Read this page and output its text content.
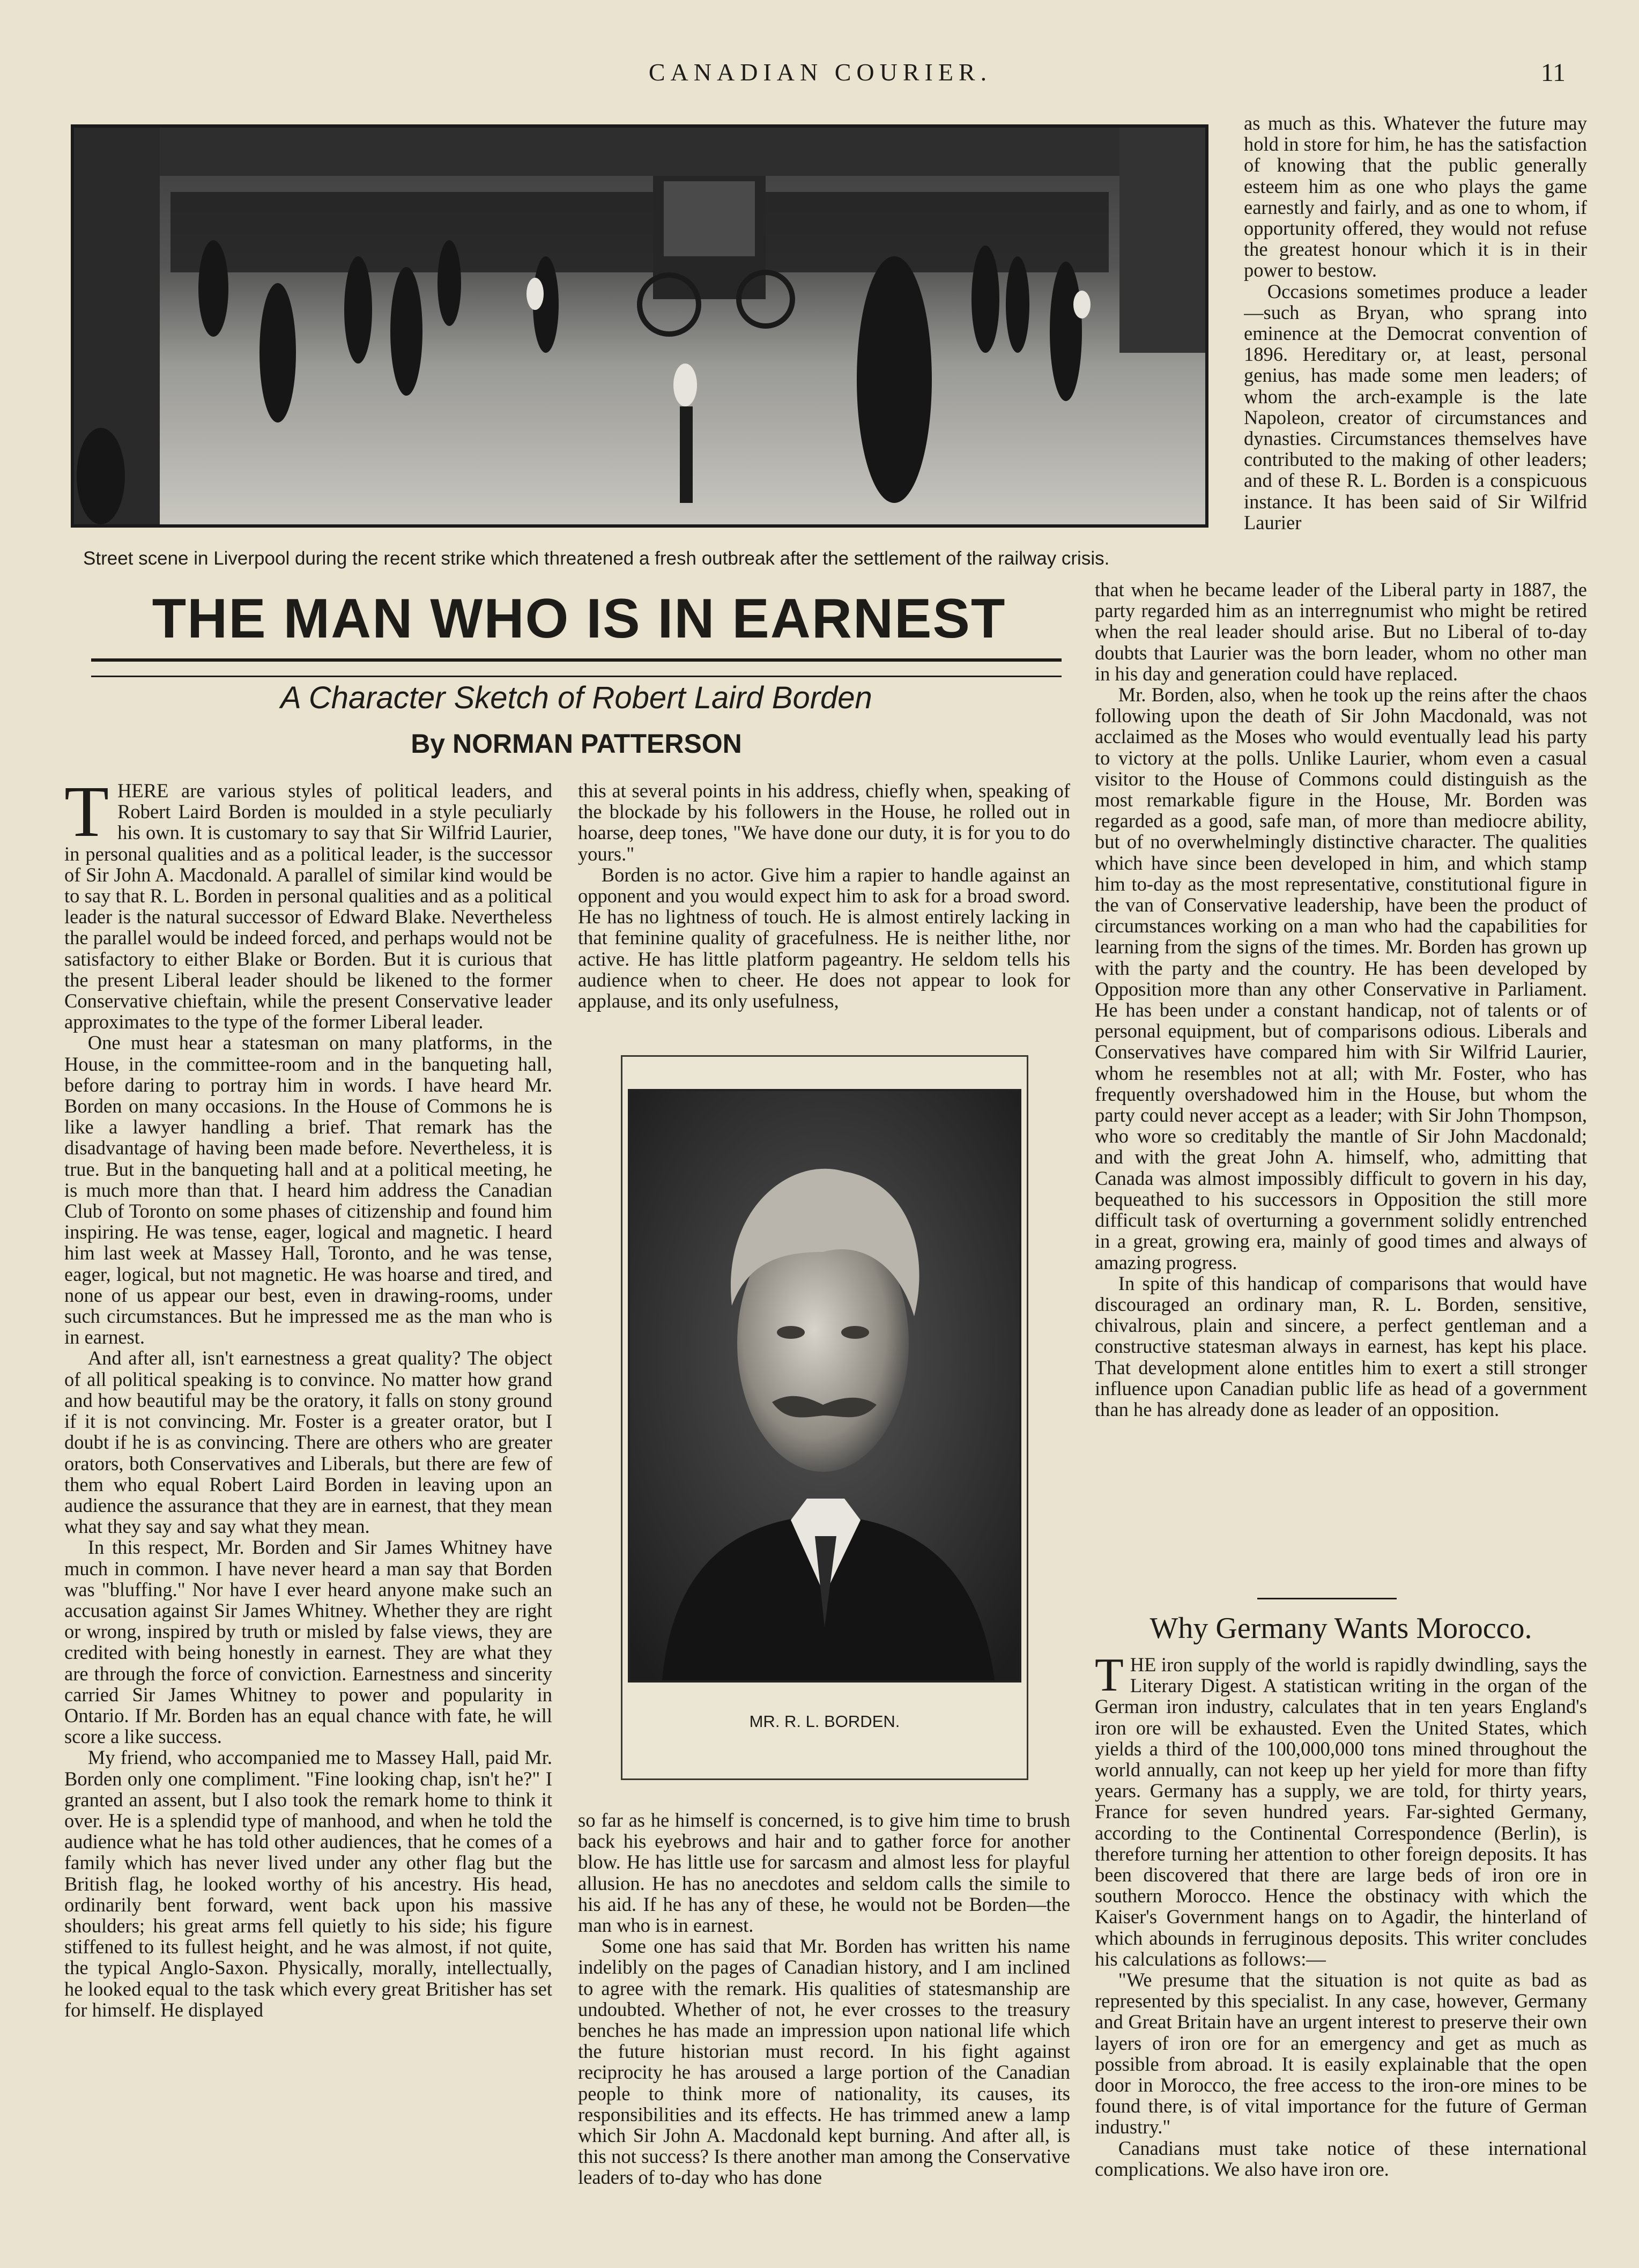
CANADIAN COURIER.	11
Street scene in Liverpool during the recent strike which threatened a fresh outbreak after the settlement of the railway crisis.
THE MAN WHO IS IN EARNEST
A Character Sketch of Robert Laird Borden
By NORMAN PATTERSON

THERE are various styles of political leaders, and Robert Laird Borden is moulded in a style peculiarly his own. It is customary to say that Sir Wilfrid Laurier, in personal qualities and as a political leader, is the successor of Sir John A. Macdonald. A parallel of similar kind would be to say that R. L. Borden in personal qualities and as a political leader is the natural successor of Edward Blake. Nevertheless the parallel would be indeed forced, and perhaps would not be satisfactory to either Blake or Borden. But it is curious that the present Liberal leader should be likened to the former Conservative chieftain, while the present Conservative leader approximates to the type of the former Liberal leader.

One must hear a statesman on many platforms, in the House, in the committee-room and in the banqueting hall, before daring to portray him in words. I have heard Mr. Borden on many occasions. In the House of Commons he is like a lawyer handling a brief. That remark has the disadvantage of having been made before. Nevertheless, it is true. But in the banqueting hall and at a political meeting, he is much more than that. I heard him address the Canadian Club of Toronto on some phases of citizenship and found him inspiring. He was tense, eager, logical and magnetic. I heard him last week at Massey Hall, Toronto, and he was tense, eager, logical, but not magnetic. He was hoarse and tired, and none of us appear our best, even in drawing-rooms, under such circumstances. But he impressed me as the man who is in earnest.

And after all, isn't earnestness a great quality? The object of all political speaking is to convince. No matter how grand and how beautiful may be the oratory, it falls on stony ground if it is not convincing. Mr. Foster is a greater orator, but I doubt if he is as convincing. There are others who are greater orators, both Conservatives and Liberals, but there are few of them who equal Robert Laird Borden in leaving upon an audience the assurance that they are in earnest, that they mean what they say and say what they mean.

In this respect, Mr. Borden and Sir James Whitney have much in common. I have never heard a man say that Borden was "bluffing." Nor have I ever heard anyone make such an accusation against Sir James Whitney. Whether they are right or wrong, inspired by truth or misled by false views, they are credited with being honestly in earnest. They are what they are through the force of conviction. Earnestness and sincerity carried Sir James Whitney to power and popularity in Ontario. If Mr. Borden has an equal chance with fate, he will score a like success.

My friend, who accompanied me to Massey Hall, paid Mr. Borden only one compliment. "Fine looking chap, isn't he?" I granted an assent, but I also took the remark home to think it over. He is a splendid type of manhood, and when he told the audience what he has told other audiences, that he comes of a family which has never lived under any other flag but the British flag, he looked worthy of his ancestry. His head, ordinarily bent forward, went back upon his massive shoulders; his great arms fell quietly to his side; his figure stiffened to its fullest height, and he was almost, if not quite, the typical Anglo-Saxon. Physically, morally, intellectually, he looked equal to the task which every great Britisher has set for himself. He displayed

this at several points in his address, chiefly when, speaking of the blockade by his followers in the House, he rolled out in hoarse, deep tones, "We have done our duty, it is for you to do yours."

Borden is no actor. Give him a rapier to handle against an opponent and you would expect him to ask for a broad sword. He has no lightness of touch. He is almost entirely lacking in that feminine quality of gracefulness. He is neither lithe, nor active. He has little platform pageantry. He seldom tells his audience when to cheer. He does not appear to look for applause, and its only usefulness,

MR. R. L. BORDEN.

so far as he himself is concerned, is to give him time to brush back his eyebrows and hair and to gather force for another blow. He has little use for sarcasm and almost less for playful allusion. He has no anecdotes and seldom calls the simile to his aid. If he has any of these, he would not be Borden—the man who is in earnest.

Some one has said that Mr. Borden has written his name indelibly on the pages of Canadian history, and I am inclined to agree with the remark. His qualities of statesmanship are undoubted. Whether of not, he ever crosses to the treasury benches he has made an impression upon national life which the future historian must record. In his fight against reciprocity he has aroused a large portion of the Canadian people to think more of nationality, its causes, its responsibilities and its effects. He has trimmed anew a lamp which Sir John A. Macdonald kept burning. And after all, is this not success? Is there another man among the Conservative leaders of to-day who has done

as much as this. Whatever the future may hold in store for him, he has the satisfaction of knowing that the public generally esteem him as one who plays the game earnestly and fairly, and as one to whom, if opportunity offered, they would not refuse the greatest honour which it is in their power to bestow.

Occasions sometimes produce a leader—such as Bryan, who sprang into eminence at the Democrat convention of 1896. Hereditary or, at least, personal genius, has made some men leaders; of whom the arch-example is the late Napoleon, creator of circumstances and dynasties. Circumstances themselves have contributed to the making of other leaders; and of these R. L. Borden is a conspicuous instance. It has been said of Sir Wilfrid Laurier

that when he became leader of the Liberal party in 1887, the party regarded him as an interregnumist who might be retired when the real leader should arise. But no Liberal of to-day doubts that Laurier was the born leader, whom no other man in his day and generation could have replaced.

Mr. Borden, also, when he took up the reins after the chaos following upon the death of Sir John Macdonald, was not acclaimed as the Moses who would eventually lead his party to victory at the polls. Unlike Laurier, whom even a casual visitor to the House of Commons could distinguish as the most remarkable figure in the House, Mr. Borden was regarded as a good, safe man, of more than mediocre ability, but of no overwhelmingly distinctive character. The qualities which have since been developed in him, and which stamp him to-day as the most representative, constitutional figure in the van of Conservative leadership, have been the product of circumstances working on a man who had the capabilities for learning from the signs of the times. Mr. Borden has grown up with the party and the country. He has been developed by Opposition more than any other Conservative in Parliament. He has been under a constant handicap, not of talents or of personal equipment, but of comparisons odious. Liberals and Conservatives have compared him with Sir Wilfrid Laurier, whom he resembles not at all; with Mr. Foster, who has frequently overshadowed him in the House, but whom the party could never accept as a leader; with Sir John Thompson, who wore so creditably the mantle of Sir John Macdonald; and with the great John A. himself, who, admitting that Canada was almost impossibly difficult to govern in his day, bequeathed to his successors in Opposition the still more difficult task of overturning a government solidly entrenched in a great, growing era, mainly of good times and always of amazing progress.

In spite of this handicap of comparisons that would have discouraged an ordinary man, R. L. Borden, sensitive, chivalrous, plain and sincere, a perfect gentleman and a constructive statesman always in earnest, has kept his place. That development alone entitles him to exert a still stronger influence upon Canadian public life as head of a government than he has already done as leader of an opposition.

Why Germany Wants Morocco.

THE iron supply of the world is rapidly dwindling, says the Literary Digest. A statistican writing in the organ of the German iron industry, calculates that in ten years England's iron ore will be exhausted. Even the United States, which yields a third of the 100,000,000 tons mined throughout the world annually, can not keep up her yield for more than fifty years. Germany has a supply, we are told, for thirty years, France for seven hundred years. Far-sighted Germany, according to the Continental Correspondence (Berlin), is therefore turning her attention to other foreign deposits. It has been discovered that there are large beds of iron ore in southern Morocco. Hence the obstinacy with which the Kaiser's Government hangs on to Agadir, the hinterland of which abounds in ferruginous deposits. This writer concludes his calculations as follows:—

"We presume that the situation is not quite as bad as represented by this specialist. In any case, however, Germany and Great Britain have an urgent interest to preserve their own layers of iron ore for an emergency and get as much as possible from abroad. It is easily explainable that the open door in Morocco, the free access to the iron-ore mines to be found there, is of vital importance for the future of German industry."

Canadians must take notice of these international complications. We also have iron ore.
